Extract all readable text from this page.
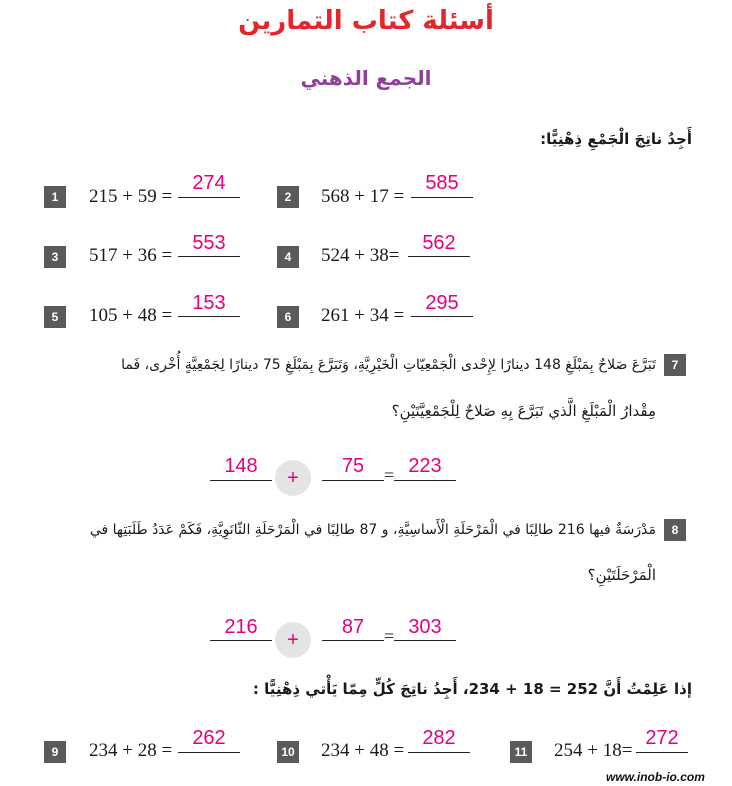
أسئلة كتاب التمارين
الجمع الذهني
أَجِدُ ناتِجَ الْجَمْعِ ذِهْنِيًّا:
1	215 + 59 =
274
2	568 + 17 =
585
3	517 + 36 =
553
4	524 + 38=
562
5	105 + 48 =
153
6	261 + 34 =
295
7
تَبَرَّعَ صَلاحٌ بِمَبْلَغِ 148 دينارًا لِإِحْدى الْجَمْعِيّاتِ الْخَيْرِيَّةِ، وَتَبَرَّعَ بِمَبْلَغِ 75 دينارًا لِجَمْعِيَّةٍ أُخْرى، فَما
مِقْدارُ الْمَبْلَغِ الَّذي تَبَرَّعَ بِهِ صَلاحٌ لِلْجَمْعِيَّتَيْنِ؟
148
+
75	= 223
8
مَدْرَسَةٌ فيها 216 طالِبًا في الْمَرْحَلَةِ الْأَساسِيَّةِ، و 87 طالِبًا في الْمَرْحَلَةِ الثّانَوِيَّةِ، فَكَمْ عَدَدُ طَلَبَتِها في
الْمَرْحَلَتَيْنِ؟
216
+
87	= 303
إذا عَلِمْتُ أَنَّ 252 = 18 + 234، أَجِدُ ناتِجَ كُلٍّ مِمّا يَأْتي ذِهْنِيًّا :
9	234 + 28 =
262
10 234 + 48 =
282
11 254 + 18=
272
www.inob-io.com
